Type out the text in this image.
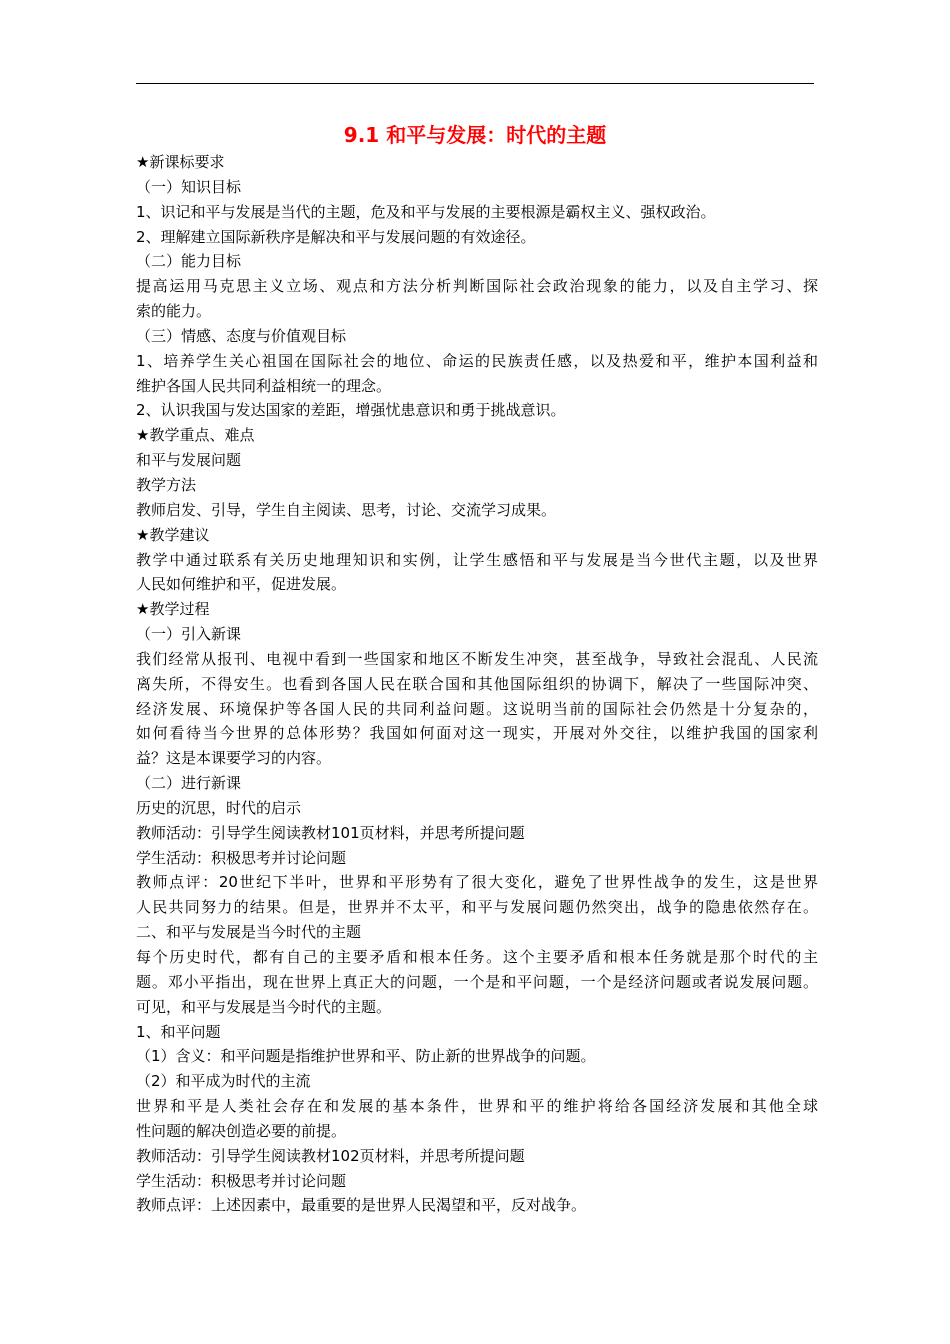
9.1 和平与发展：时代的主题

★新课标要求

（一）知识目标

1、识记和平与发展是当代的主题，危及和平与发展的主要根源是霸权主义、强权政治。

2、理解建立国际新秩序是解决和平与发展问题的有效途径。

（二）能力目标

提高运用马克思主义立场、观点和方法分析判断国际社会政治现象的能力，以及自主学习、探

索的能力。

（三）情感、态度与价值观目标

1、培养学生关心祖国在国际社会的地位、命运的民族责任感，以及热爱和平，维护本国利益和

维护各国人民共同利益相统一的理念。

2、认识我国与发达国家的差距，增强忧患意识和勇于挑战意识。

★教学重点、难点

和平与发展问题

教学方法

教师启发、引导，学生自主阅读、思考，讨论、交流学习成果。

★教学建议

教学中通过联系有关历史地理知识和实例，让学生感悟和平与发展是当今世代主题，以及世界

人民如何维护和平，促进发展。

★教学过程

（一）引入新课

我们经常从报刊、电视中看到一些国家和地区不断发生冲突，甚至战争，导致社会混乱、人民流

离失所，不得安生。也看到各国人民在联合国和其他国际组织的协调下，解决了一些国际冲突、

经济发展、环境保护等各国人民的共同利益问题。这说明当前的国际社会仍然是十分复杂的，

如何看待当今世界的总体形势？我国如何面对这一现实，开展对外交往，以维护我国的国家利

益？这是本课要学习的内容。

（二）进行新课

历史的沉思，时代的启示

教师活动：引导学生阅读教材101页材料，并思考所提问题

学生活动：积极思考并讨论问题

教师点评：20世纪下半叶，世界和平形势有了很大变化，避免了世界性战争的发生，这是世界

人民共同努力的结果。但是，世界并不太平，和平与发展问题仍然突出，战争的隐患依然存在。

二、和平与发展是当今时代的主题

每个历史时代，都有自己的主要矛盾和根本任务。这个主要矛盾和根本任务就是那个时代的主

题。邓小平指出，现在世界上真正大的问题，一个是和平问题，一个是经济问题或者说发展问题。

可见，和平与发展是当今时代的主题。

1、和平问题

（1）含义：和平问题是指维护世界和平、防止新的世界战争的问题。

（2）和平成为时代的主流

世界和平是人类社会存在和发展的基本条件，世界和平的维护将给各国经济发展和其他全球

性问题的解决创造必要的前提。

教师活动：引导学生阅读教材102页材料，并思考所提问题

学生活动：积极思考并讨论问题

教师点评：上述因素中，最重要的是世界人民渴望和平，反对战争。
